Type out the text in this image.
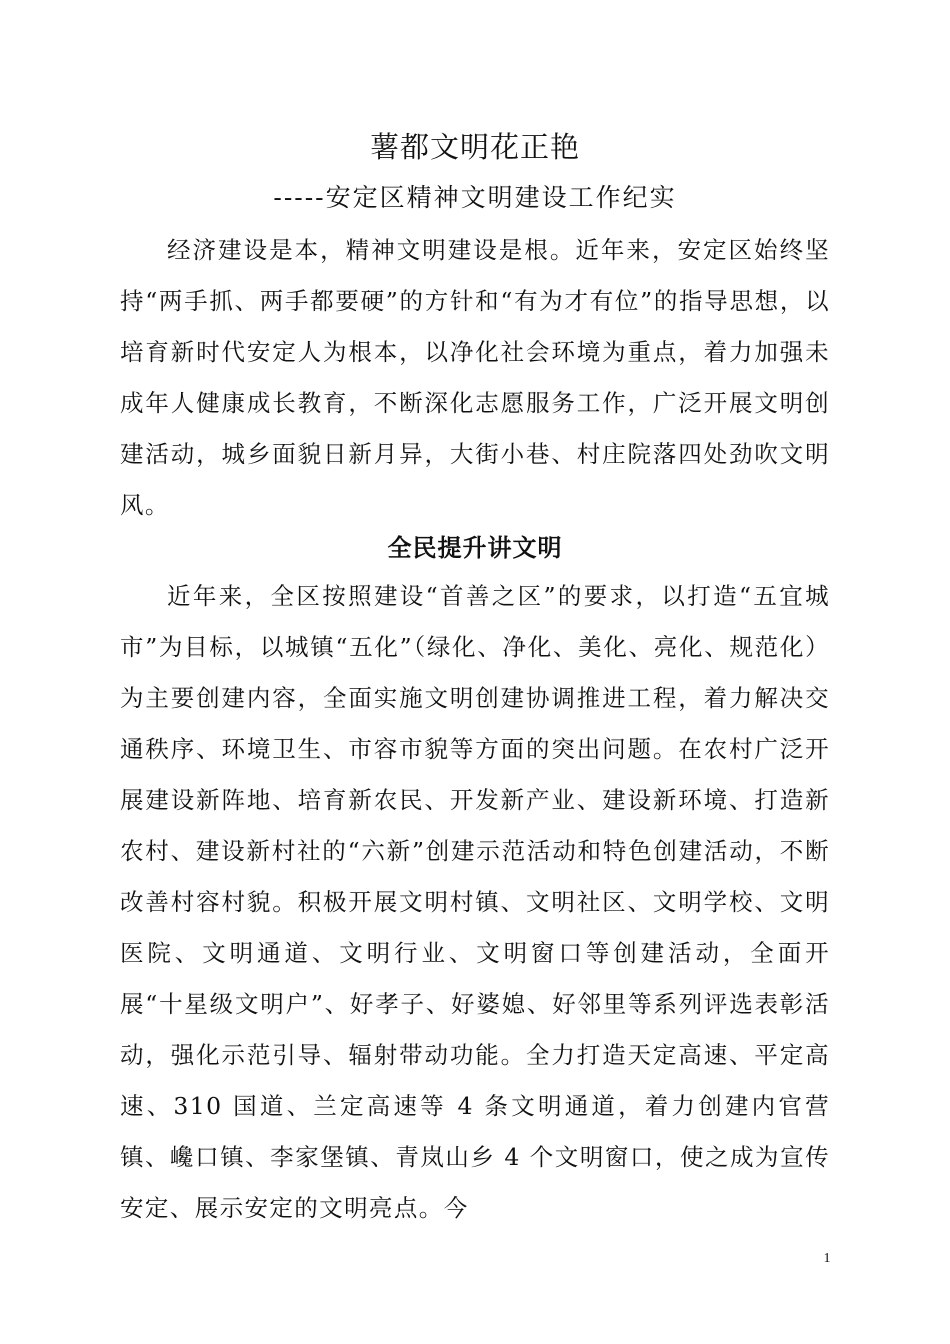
薯都文明花正艳
-----安定区精神文明建设工作纪实

经济建设是本，精神文明建设是根。近年来，安定区始终坚持“两手抓、两手都要硬”的方针和“有为才有位”的指导思想，以培育新时代安定人为根本，以净化社会环境为重点，着力加强未成年人健康成长教育，不断深化志愿服务工作，广泛开展文明创建活动，城乡面貌日新月异，大街小巷、村庄院落四处劲吹文明风。

全民提升讲文明

近年来，全区按照建设“首善之区”的要求，以打造“五宜城市”为目标，以城镇“五化”（绿化、净化、美化、亮化、规范化）为主要创建内容，全面实施文明创建协调推进工程，着力解决交通秩序、环境卫生、市容市貌等方面的突出问题。在农村广泛开展建设新阵地、培育新农民、开发新产业、建设新环境、打造新农村、建设新村社的“六新”创建示范活动和特色创建活动，不断改善村容村貌。积极开展文明村镇、文明社区、文明学校、文明医院、文明通道、文明行业、文明窗口等创建活动，全面开展“十星级文明户”、好孝子、好婆媳、好邻里等系列评选表彰活动，强化示范引导、辐射带动功能。全力打造天定高速、平定高速、310 国道、兰定高速等 4 条文明通道，着力创建内官营镇、巉口镇、李家堡镇、青岚山乡 4 个文明窗口，使之成为宣传安定、展示安定的文明亮点。今

1
